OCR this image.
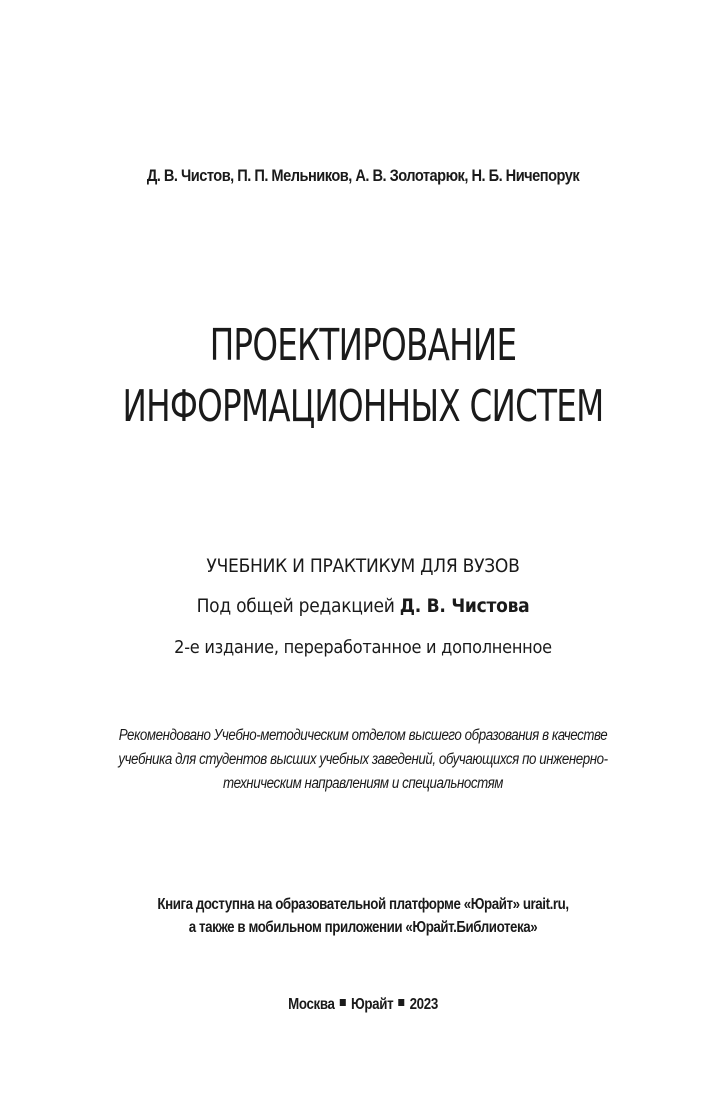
Д. В. Чистов, П. П. Мельников, А. В. Золотарюк, Н. Б. Ничепорук
ПРОЕКТИРОВАНИЕ
ИНФОРМАЦИОННЫХ СИСТЕМ
УЧЕБНИК И ПРАКТИКУМ ДЛЯ ВУЗОВ
Под общей редакцией Д. В. Чистова
2-е издание, переработанное и дополненное
Рекомендовано Учебно-методическим отделом высшего образования в качестве
учебника для студентов высших учебных заведений, обучающихся по инженерно-
техническим направлениям и специальностям
Книга доступна на образовательной платформе «Юрайт» urait.ru,
а также в мобильном приложении «Юрайт.Библиотека»
Москва Юрайт 2023
